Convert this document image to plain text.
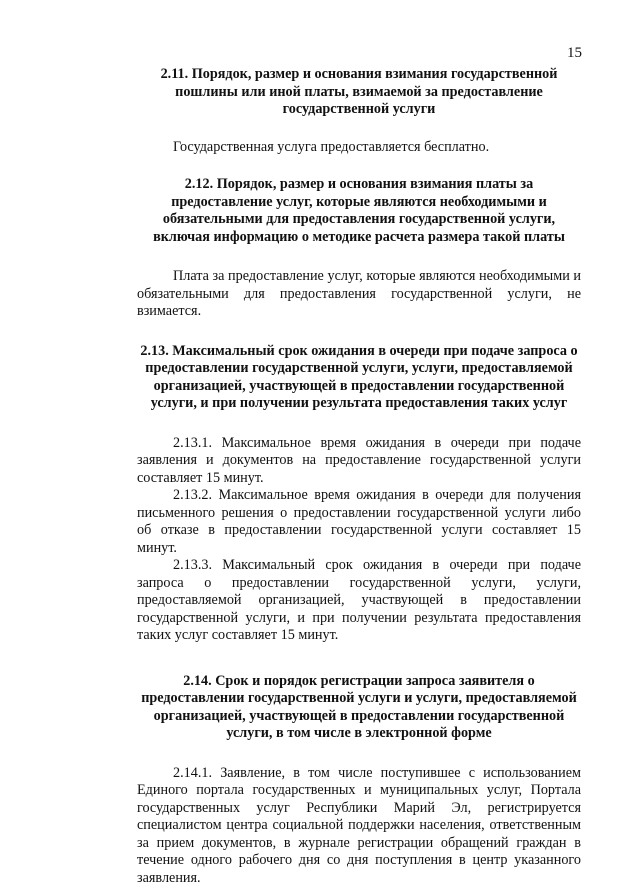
15

2.11. Порядок, размер и основания взимания государственной пошлины или иной платы, взимаемой за предоставление государственной услуги

Государственная услуга предоставляется бесплатно.

2.12. Порядок, размер и основания взимания платы за предоставление услуг, которые являются необходимыми и обязательными для предоставления государственной услуги, включая информацию о методике расчета размера такой платы

Плата за предоставление услуг, которые являются необходимыми и обязательными для предоставления государственной услуги, не взимается.

2.13. Максимальный срок ожидания в очереди при подаче запроса о предоставлении государственной услуги, услуги, предоставляемой организацией, участвующей в предоставлении государственной услуги, и при получении результата предоставления таких услуг

2.13.1. Максимальное время ожидания в очереди при подаче заявления и документов на предоставление государственной услуги составляет 15 минут.

2.13.2. Максимальное время ожидания в очереди для получения письменного решения о предоставлении государственной услуги либо об отказе в предоставлении государственной услуги составляет 15 минут.

2.13.3. Максимальный срок ожидания в очереди при подаче запроса о предоставлении государственной услуги, услуги, предоставляемой организацией, участвующей в предоставлении государственной услуги, и при получении результата предоставления таких услуг составляет 15 минут.

2.14. Срок и порядок регистрации запроса заявителя о предоставлении государственной услуги и услуги, предоставляемой организацией, участвующей в предоставлении государственной услуги, в том числе в электронной форме

2.14.1. Заявление, в том числе поступившее с использованием Единого портала государственных и муниципальных услуг, Портала государственных услуг Республики Марий Эл, регистрируется специалистом центра социальной поддержки населения, ответственным за прием документов, в журнале регистрации обращений граждан в течение одного рабочего дня со дня поступления в центр указанного заявления.
